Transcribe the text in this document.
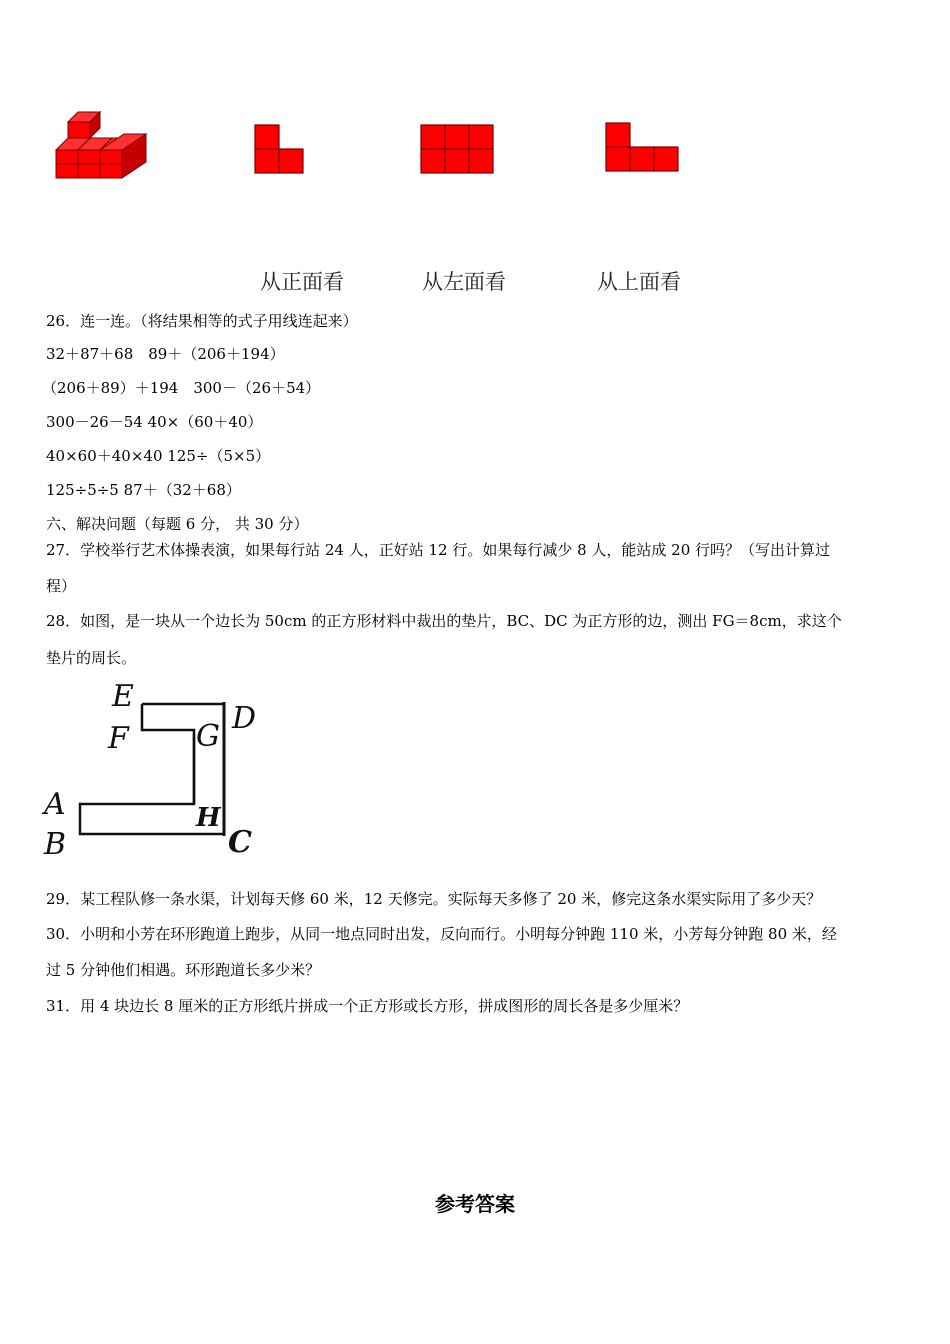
从正面看	从左面看	从上面看
26．连一连。（将结果相等的式子用线连起来）
32＋87＋68　89＋（206＋194）
（206＋89）＋194　300－（26＋54）
300－26－54 40×（60＋40）
40×60＋40×40 125÷（5×5）
125÷5÷5 87＋（32＋68）
六、解决问题（每题 6 分， 共 30 分）
27．学校举行艺术体操表演，如果每行站 24 人，正好站 12 行。如果每行减少 8 人，能站成 20 行吗？（写出计算过
程）
28．如图，是一块从一个边长为 50cm 的正方形材料中裁出的垫片，BC、DC 为正方形的边，测出 FG＝8cm，求这个
垫片的周长。
E
F G
D
A
B
H
C
29．某工程队修一条水渠，计划每天修 60 米，12 天修完。实际每天多修了 20 米，修完这条水渠实际用了多少天？
30．小明和小芳在环形跑道上跑步，从同一地点同时出发，反向而行。小明每分钟跑 110 米，小芳每分钟跑 80 米，经
过 5 分钟他们相遇。环形跑道长多少米？
31．用 4 块边长 8 厘米的正方形纸片拼成一个正方形或长方形，拼成图形的周长各是多少厘米？
参考答案
